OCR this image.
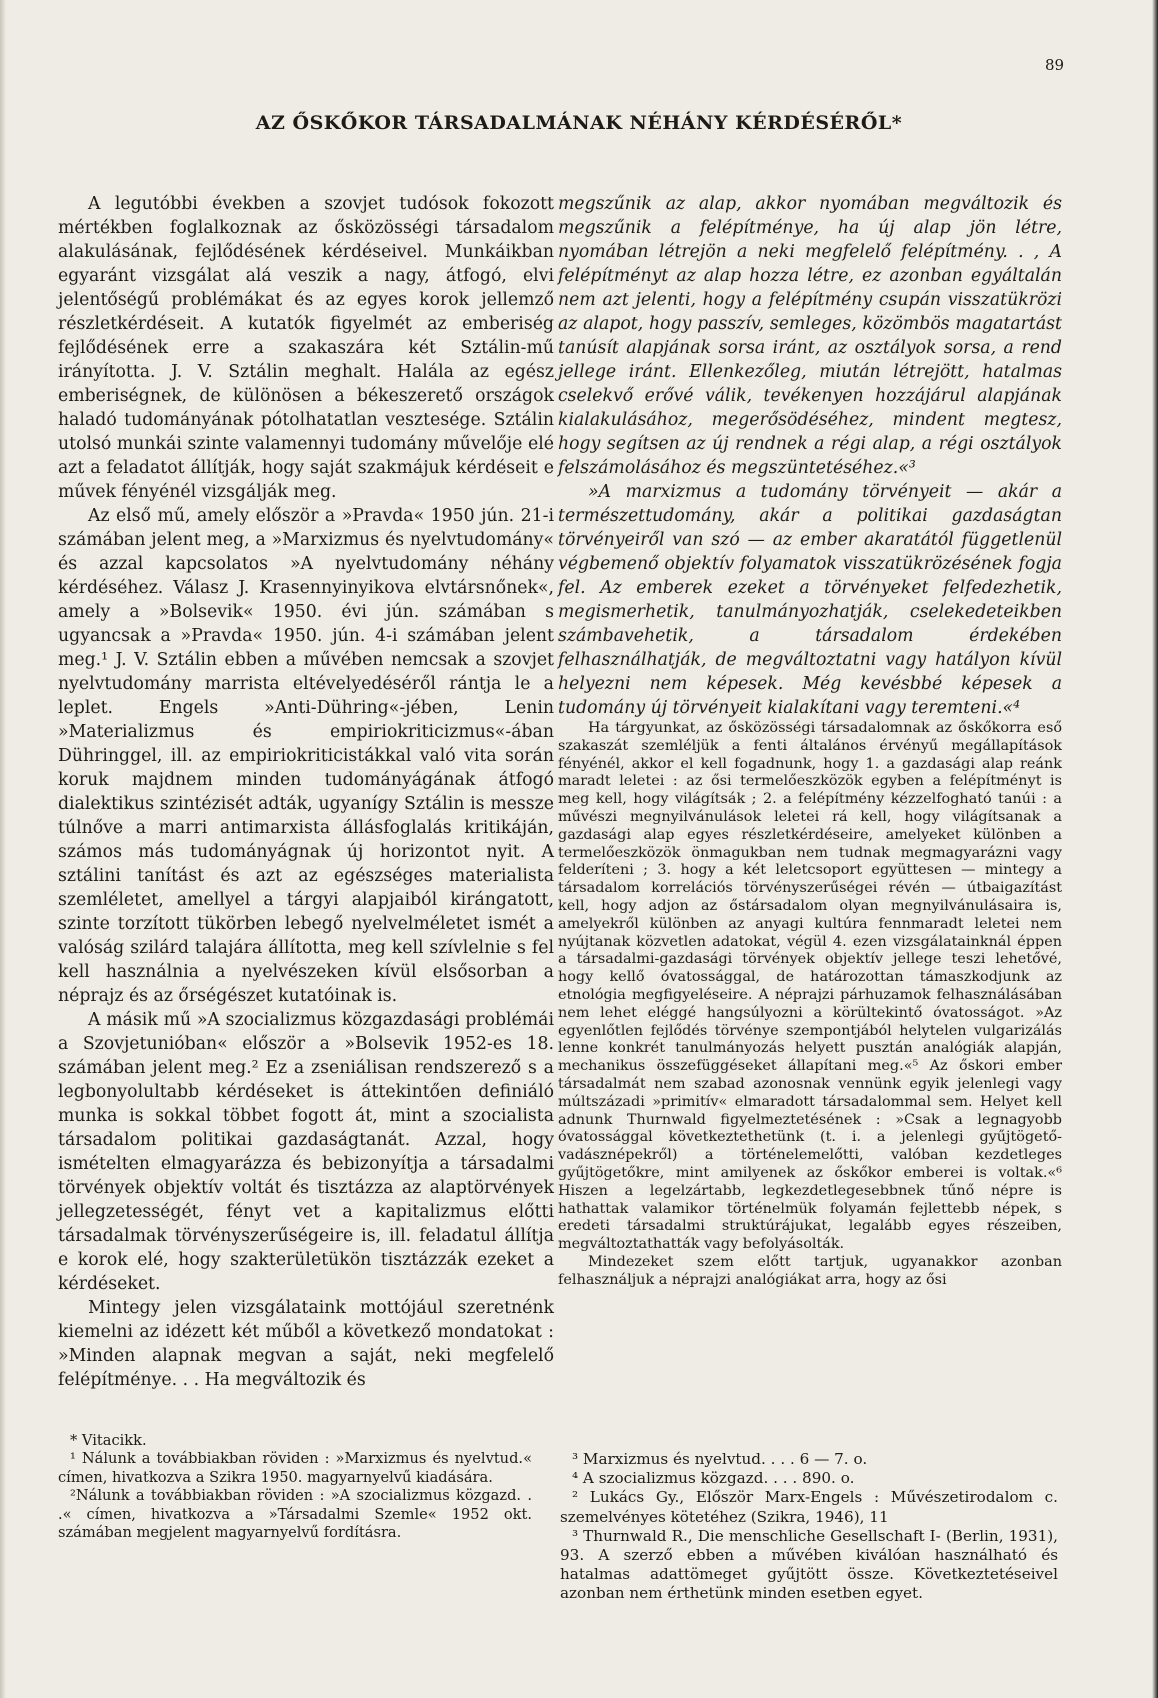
89
AZ ŐSKŐKOR TÁRSADALMÁNAK NÉHÁNY KÉRDÉSÉRŐL*

A legutóbbi években a szovjet tudósok fokozott mértékben foglalkoznak az ősközösségi társadalom alakulásának, fejlődésének kérdéseivel. Munkáikban egyaránt vizsgálat alá veszik a nagy, átfogó, elvi jelentőségű problémákat és az egyes korok jellemző részletkérdéseit. A kutatók figyelmét az emberiség fejlődésének erre a szakaszára két Sztálin-mű irányította. J. V. Sztálin meghalt. Halála az egész emberiségnek, de különösen a békeszerető országok haladó tudományának pótolhatatlan vesztesége. Sztálin utolsó munkái szinte valamennyi tudomány művelője elé azt a feladatot állítják, hogy saját szakmájuk kérdéseit e művek fényénél vizsgálják meg.

Az első mű, amely először a »Pravda« 1950 jún. 21-i számában jelent meg, a »Marxizmus és nyelvtudomány« és azzal kapcsolatos »A nyelvtudomány néhány kérdéséhez. Válasz J. Krasennyinyikova elvtársnőnek«, amely a »Bolsevik« 1950. évi jún. számában s ugyancsak a »Pravda« 1950. jún. 4-i számában jelent meg.¹ J. V. Sztálin ebben a művében nemcsak a szovjet nyelvtudomány marrista eltévelyedéséről rántja le a leplet. Engels »Anti-Dühring«-jében, Lenin »Materializmus és empiriokriticizmus«-ában Dühringgel, ill. az empiriokriticistákkal való vita során koruk majdnem minden tudományágának átfogó dialektikus szintézisét adták, ugyanígy Sztálin is messze túlnőve a marri antimarxista állásfoglalás kritikáján, számos más tudományágnak új horizontot nyit. A sztálini tanítást és azt az egészséges materialista szemléletet, amellyel a tárgyi alapjaiból kirángatott, szinte torzított tükörben lebegő nyelvelméletet ismét a valóság szilárd talajára állította, meg kell szívlelnie s fel kell használnia a nyelvészeken kívül elsősorban a néprajz és az őrségészet kutatóinak is.

A másik mű »A szocializmus közgazdasági problémái a Szovjetunióban« először a »Bolsevik 1952-es 18. számában jelent meg.² Ez a zseniálisan rendszerező s a legbonyolultabb kérdéseket is áttekintően definiáló munka is sokkal többet fogott át, mint a szocialista társadalom politikai gazdaságtanát. Azzal, hogy ismételten elmagyarázza és bebizonyítja a társadalmi törvények objektív voltát és tisztázza az alaptörvények jellegzetességét, fényt vet a kapitalizmus előtti társadalmak törvényszerűségeire is, ill. feladatul állítja e korok elé, hogy szakterületükön tisztázzák ezeket a kérdéseket.

Mintegy jelen vizsgálataink mottójául szeretnénk kiemelni az idézett két műből a következő mondatokat : »Minden alapnak megvan a saját, neki megfelelő felépítménye. . . Ha megváltozik és

megszűnik az alap, akkor nyomában megváltozik és megszűnik a felépítménye, ha új alap jön létre, nyomában létrejön a neki megfelelő felépítmény. . , A felépítményt az alap hozza létre, ez azonban egyáltalán nem azt jelenti, hogy a felépítmény csupán visszatükrözi az alapot, hogy passzív, semleges, közömbös magatartást tanúsít alapjának sorsa iránt, az osztályok sorsa, a rend jellege iránt. Ellenkezőleg, miután létrejött, hatalmas cselekvő erővé válik, tevékenyen hozzájárul alapjának kialakulásához, megerősödéséhez, mindent megtesz, hogy segítsen az új rendnek a régi alap, a régi osztályok felszámolásához és megszüntetéséhez.«³

»A marxizmus a tudomány törvényeit — akár a természettudomány, akár a politikai gazdaságtan törvényeiről van szó — az ember akaratától függetlenül végbemenő objektív folyamatok visszatükrözésének fogja fel. Az emberek ezeket a törvényeket felfedezhetik, megismerhetik, tanulmányozhatják, cselekedeteikben számbavehetik, a társadalom érdekében felhasználhatják, de megváltoztatni vagy hatályon kívül helyezni nem képesek. Még kevésbbé képesek a tudomány új törvényeit kialakítani vagy teremteni.«⁴

Ha tárgyunkat, az ősközösségi társadalomnak az őskőkorra eső szakaszát szemléljük a fenti általános érvényű megállapítások fényénél, akkor el kell fogadnunk, hogy 1. a gazdasági alap reánk maradt leletei : az ősi termelőeszközök egyben a felépítményt is meg kell, hogy világítsák ; 2. a felépítmény kézzelfogható tanúi : a művészi megnyilvánulások leletei rá kell, hogy világítsanak a gazdasági alap egyes részletkérdéseire, amelyeket különben a termelőeszközök önmagukban nem tudnak megmagyarázni vagy felderíteni ; 3. hogy a két leletcsoport együttesen — mintegy a társadalom korrelációs törvényszerűségei révén — útbaigazítást kell, hogy adjon az őstársadalom olyan megnyilvánulásaira is, amelyekről különben az anyagi kultúra fennmaradt leletei nem nyújtanak közvetlen adatokat, végül 4. ezen vizsgálatainknál éppen a társadalmi-gazdasági törvények objektív jellege teszi lehetővé, hogy kellő óvatossággal, de határozottan támaszkodjunk az etnológia megfigyeléseire. A néprajzi párhuzamok felhasználásában nem lehet eléggé hangsúlyozni a körültekintő óvatosságot. »Az egyenlőtlen fejlődés törvénye szempontjából helytelen vulgarizálás lenne konkrét tanulmányozás helyett pusztán analógiák alapján, mechanikus összefüggéseket állapítani meg.«⁵ Az őskori ember társadalmát nem szabad azonosnak vennünk egyik jelenlegi vagy múltszázadi »primitív« elmaradott társadalommal sem. Helyet kell adnunk Thurnwald figyelmeztetésének : »Csak a legnagyobb óvatossággal következtethetünk (t. i. a jelenlegi gyűjtögető-vadásznépekről) a történelemelőtti, valóban kezdetleges gyűjtögetőkre, mint amilyenek az őskőkor emberei is voltak.«⁶ Hiszen a legelzártabb, legkezdetlegesebbnek tűnő népre is hathattak valamikor történelmük folyamán fejlettebb népek, s eredeti társadalmi struktúrájukat, legalább egyes részeiben, megváltoztathatták vagy befolyásolták.

Mindezeket szem előtt tartjuk, ugyanakkor azonban felhasználjuk a néprajzi analógiákat arra, hogy az ősi

* Vitacikk.

¹ Nálunk a továbbiakban röviden : »Marxizmus és nyelvtud.« címen, hivatkozva a Szikra 1950. magyarnyelvű kiadására.

²Nálunk a továbbiakban röviden : »A szocializmus közgazd. . .« címen, hivatkozva a »Társadalmi Szemle« 1952 okt. számában megjelent magyarnyelvű fordításra.

³ Marxizmus és nyelvtud. . . . 6 — 7. o.

⁴ A szocializmus közgazd. . . . 890. o.

² Lukács Gy., Először Marx-Engels : Művészetirodalom c. szemelvényes kötetéhez (Szikra, 1946), 11

³ Thurnwald R., Die menschliche Gesellschaft I- (Berlin, 1931), 93. A szerző ebben a művében kiválóan használható és hatalmas adattömeget gyűjtött össze. Következtetéseivel azonban nem érthetünk minden esetben egyet.
